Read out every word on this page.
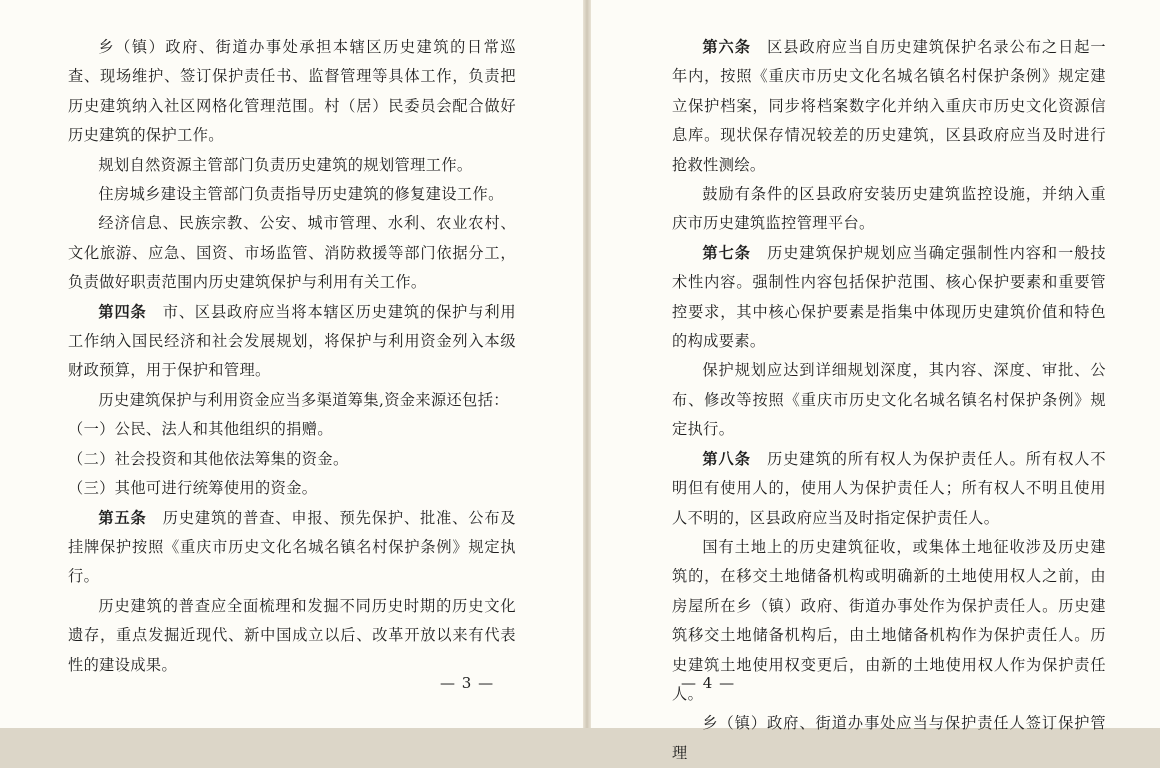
乡（镇）政府、街道办事处承担本辖区历史建筑的日常巡查、现场维护、签订保护责任书、监督管理等具体工作，负责把历史建筑纳入社区网格化管理范围。村（居）民委员会配合做好历史建筑的保护工作。

规划自然资源主管部门负责历史建筑的规划管理工作。

住房城乡建设主管部门负责指导历史建筑的修复建设工作。

经济信息、民族宗教、公安、城市管理、水利、农业农村、文化旅游、应急、国资、市场监管、消防救援等部门依据分工，负责做好职责范围内历史建筑保护与利用有关工作。

第四条　 市、区县政府应当将本辖区历史建筑的保护与利用工作纳入国民经济和社会发展规划，将保护与利用资金列入本级财政预算，用于保护和管理。

历史建筑保护与利用资金应当多渠道筹集,资金来源还包括：

（一）公民、法人和其他组织的捐赠。

（二）社会投资和其他依法筹集的资金。

（三）其他可进行统筹使用的资金。

第五条　 历史建筑的普查、申报、预先保护、批准、公布及挂牌保护按照《重庆市历史文化名城名镇名村保护条例》规定执行。

历史建筑的普查应全面梳理和发掘不同历史时期的历史文化遗存，重点发掘近现代、新中国成立以后、改革开放以来有代表性的建设成果。

— 3 —

第六条　 区县政府应当自历史建筑保护名录公布之日起一年内，按照《重庆市历史文化名城名镇名村保护条例》规定建立保护档案，同步将档案数字化并纳入重庆市历史文化资源信息库。现状保存情况较差的历史建筑，区县政府应当及时进行抢救性测绘。

鼓励有条件的区县政府安装历史建筑监控设施，并纳入重庆市历史建筑监控管理平台。

第七条　 历史建筑保护规划应当确定强制性内容和一般技术性内容。强制性内容包括保护范围、核心保护要素和重要管控要求，其中核心保护要素是指集中体现历史建筑价值和特色的构成要素。

保护规划应达到详细规划深度，其内容、深度、审批、公布、修改等按照《重庆市历史文化名城名镇名村保护条例》规定执行。

第八条　 历史建筑的所有权人为保护责任人。所有权人不明但有使用人的，使用人为保护责任人；所有权人不明且使用人不明的，区县政府应当及时指定保护责任人。

国有土地上的历史建筑征收，或集体土地征收涉及历史建筑的，在移交土地储备机构或明确新的土地使用权人之前，由房屋所在乡（镇）政府、街道办事处作为保护责任人。历史建筑移交土地储备机构后，由土地储备机构作为保护责任人。历史建筑土地使用权变更后，由新的土地使用权人作为保护责任人。

乡（镇）政府、街道办事处应当与保护责任人签订保护管理

— 4 —
